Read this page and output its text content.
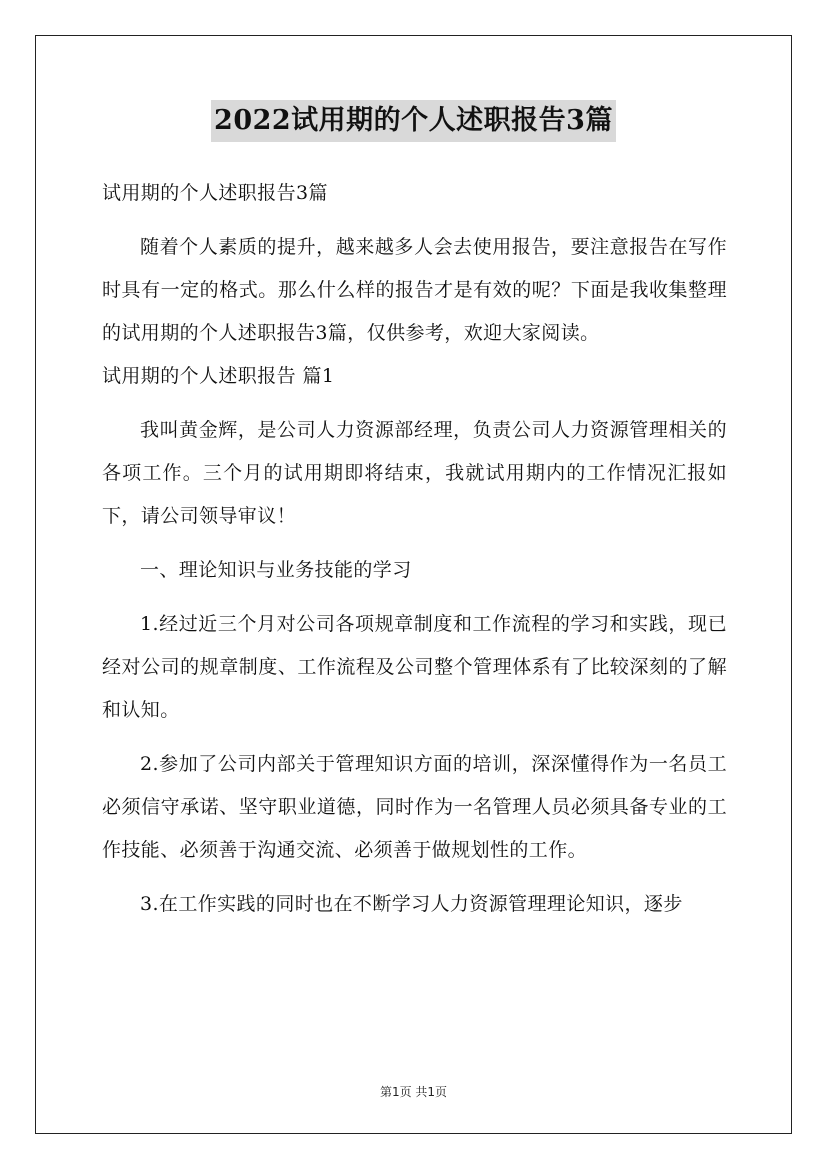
2022试用期的个人述职报告3篇

试用期的个人述职报告3篇

随着个人素质的提升，越来越多人会去使用报告，要注意报告在写作时具有一定的格式。那么什么样的报告才是有效的呢？下面是我收集整理的试用期的个人述职报告3篇，仅供参考，欢迎大家阅读。

试用期的个人述职报告 篇1

我叫黄金辉，是公司人力资源部经理，负责公司人力资源管理相关的各项工作。三个月的试用期即将结束，我就试用期内的工作情况汇报如下，请公司领导审议！

一、理论知识与业务技能的学习

1.经过近三个月对公司各项规章制度和工作流程的学习和实践，现已经对公司的规章制度、工作流程及公司整个管理体系有了比较深刻的了解和认知。

2.参加了公司内部关于管理知识方面的培训，深深懂得作为一名员工必须信守承诺、坚守职业道德，同时作为一名管理人员必须具备专业的工作技能、必须善于沟通交流、必须善于做规划性的工作。

3.在工作实践的同时也在不断学习人力资源管理理论知识，逐步

第1页 共1页
